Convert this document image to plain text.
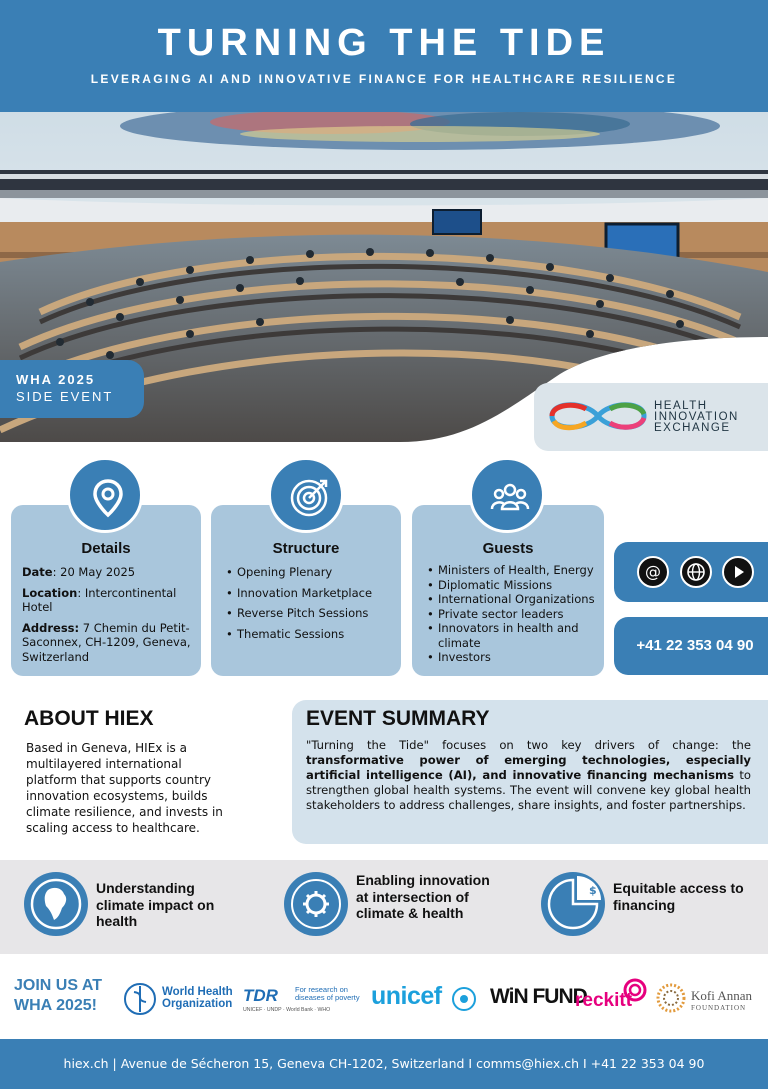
TURNING THE TIDE
LEVERAGING AI AND INNOVATIVE FINANCE FOR HEALTHCARE RESILIENCE
WHA 2025
SIDE EVENT
HEALTH
INNOVATION
EXCHANGE
Details
Date: 20 May 2025
Location: Intercontinental Hotel
Address: 7 Chemin du Petit-Saconnex, CH-1209, Geneva, Switzerland
Structure
• Opening Plenary
• Innovation Marketplace
• Reverse Pitch Sessions
• Thematic Sessions
Guests
• Ministers of Health, Energy
• Diplomatic Missions
• International Organizations
• Private sector leaders
• Innovators in health and climate
• Investors
@
+41 22 353 04 90
ABOUT HIEX
Based in Geneva, HIEx is a multilayered international platform that supports country innovation ecosystems, builds climate resilience, and invests in scaling access to healthcare.
EVENT SUMMARY
"Turning the Tide" focuses on two key drivers of change: the transformative power of emerging technologies, especially artificial intelligence (AI), and innovative financing mechanisms to strengthen global health systems. The event will convene key global health stakeholders to address challenges, share insights, and foster partnerships.
Understanding climate impact on health
Enabling innovation at intersection of climate & health
$ Equitable access to financing
JOIN US AT
WHA 2025!
World Health
Organization TDR For research on
diseases of poverty
UNICEF · UNDP · World Bank · WHO unicef	WiN FUND
reckitt	Kofi Annan
FOUNDATION
hiex.ch | Avenue de Sécheron 15, Geneva CH-1202, Switzerland I comms@hiex.ch I +41 22 353 04 90
